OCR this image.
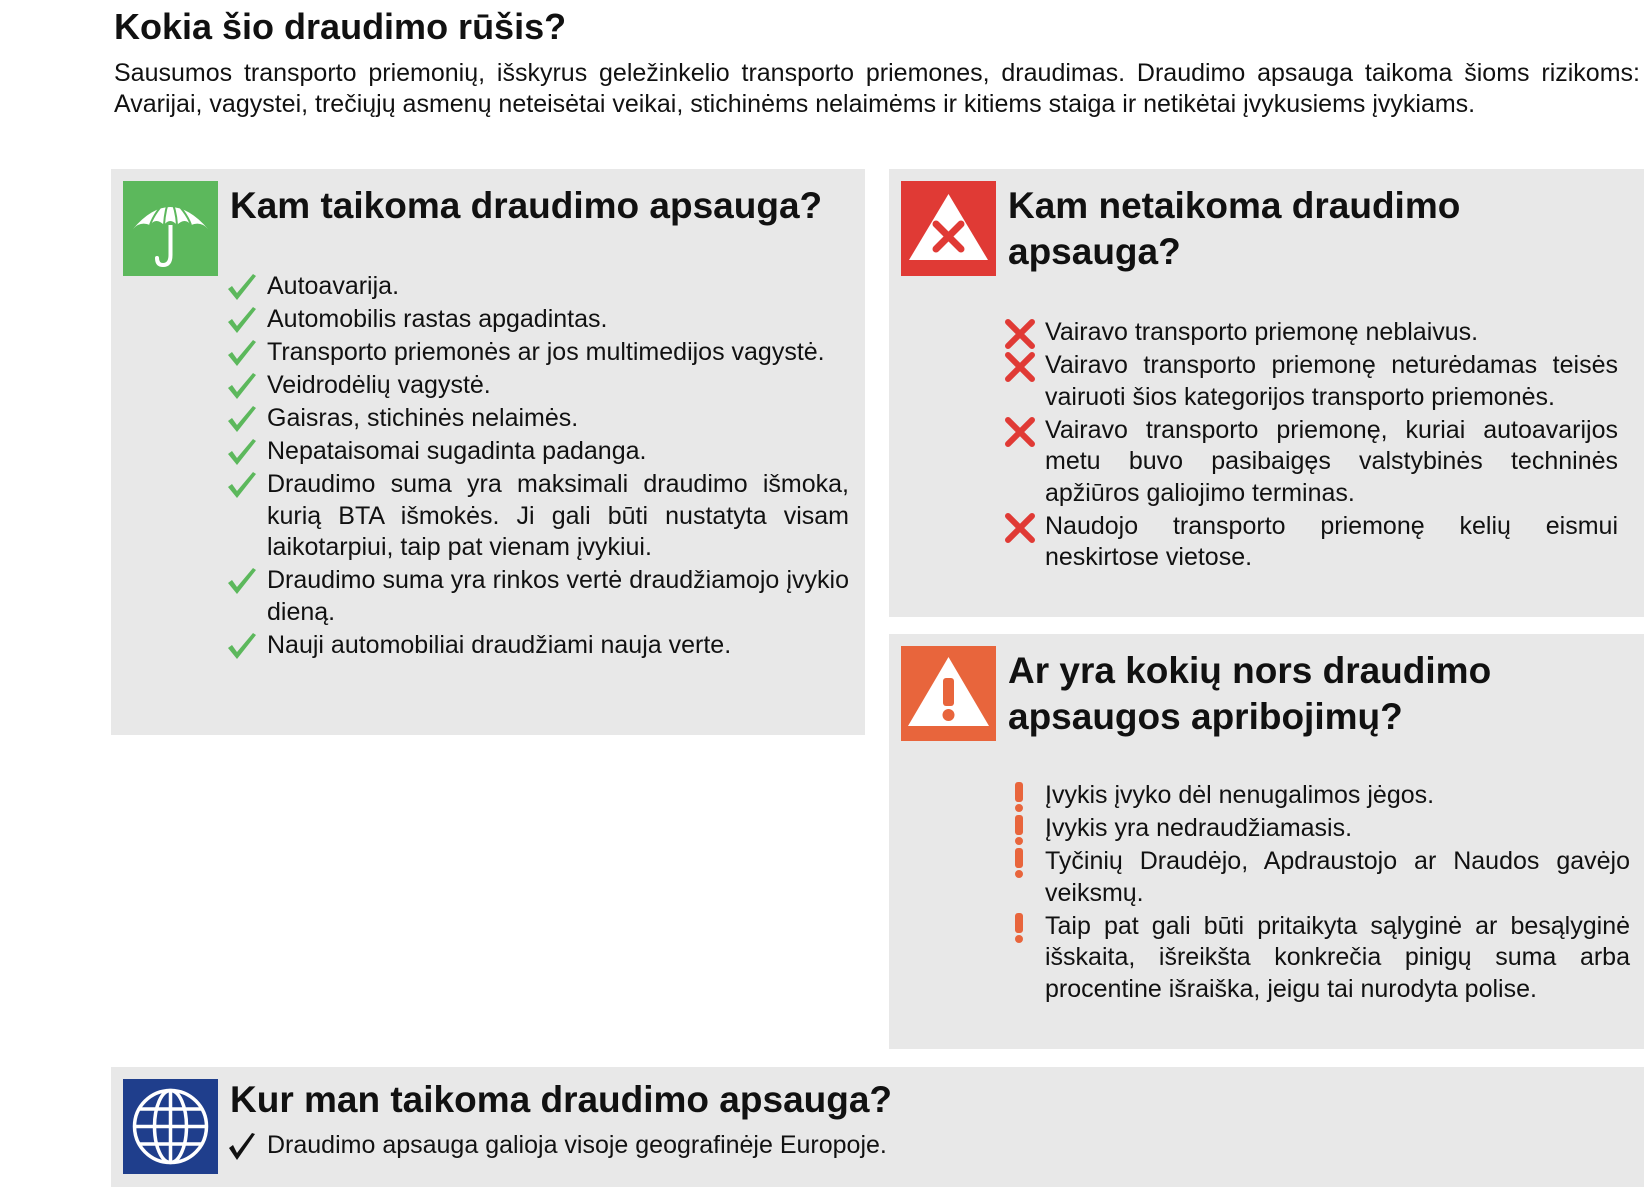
Kokia šio draudimo rūšis?

Sausumos transporto priemonių, išskyrus geležinkelio transporto priemones, draudimas. Draudimo apsauga taikoma šioms rizikoms: Avarijai, vagystei, trečiųjų asmenų neteisėtai veikai, stichinėms nelaimėms ir kitiems staiga ir netikėtai įvykusiems įvykiams.

Kam taikoma draudimo apsauga?
Autoavarija.
Automobilis rastas apgadintas.
Transporto priemonės ar jos multimedijos vagystė.
Veidrodėlių vagystė.
Gaisras, stichinės nelaimės.
Nepataisomai sugadinta padanga.
Draudimo suma yra maksimali draudimo išmoka, kurią BTA išmokės. Ji gali būti nustatyta visam laikotarpiui, taip pat vienam įvykiui.
Draudimo suma yra rinkos vertė draudžiamojo įvykio dieną.
Nauji automobiliai draudžiami nauja verte.
Kam netaikoma draudimo apsauga?
Vairavo transporto priemonę neblaivus.
Vairavo transporto priemonę neturėdamas teisės vairuoti šios kategorijos transporto priemonės.
Vairavo transporto priemonę, kuriai autoavarijos metu buvo pasibaigęs valstybinės techninės apžiūros galiojimo terminas.
Naudojo transporto priemonę kelių eismui neskirtose vietose.
Ar yra kokių nors draudimo apsaugos apribojimų?
Įvykis įvyko dėl nenugalimos jėgos.
Įvykis yra nedraudžiamasis.
Tyčinių Draudėjo, Apdraustojo ar Naudos gavėjo veiksmų.
Taip pat gali būti pritaikyta sąlyginė ar besąlyginė išskaita, išreikšta konkrečia pinigų suma arba procentine išraiška, jeigu tai nurodyta polise.
Kur man taikoma draudimo apsauga?
Draudimo apsauga galioja visoje geografinėje Europoje.
